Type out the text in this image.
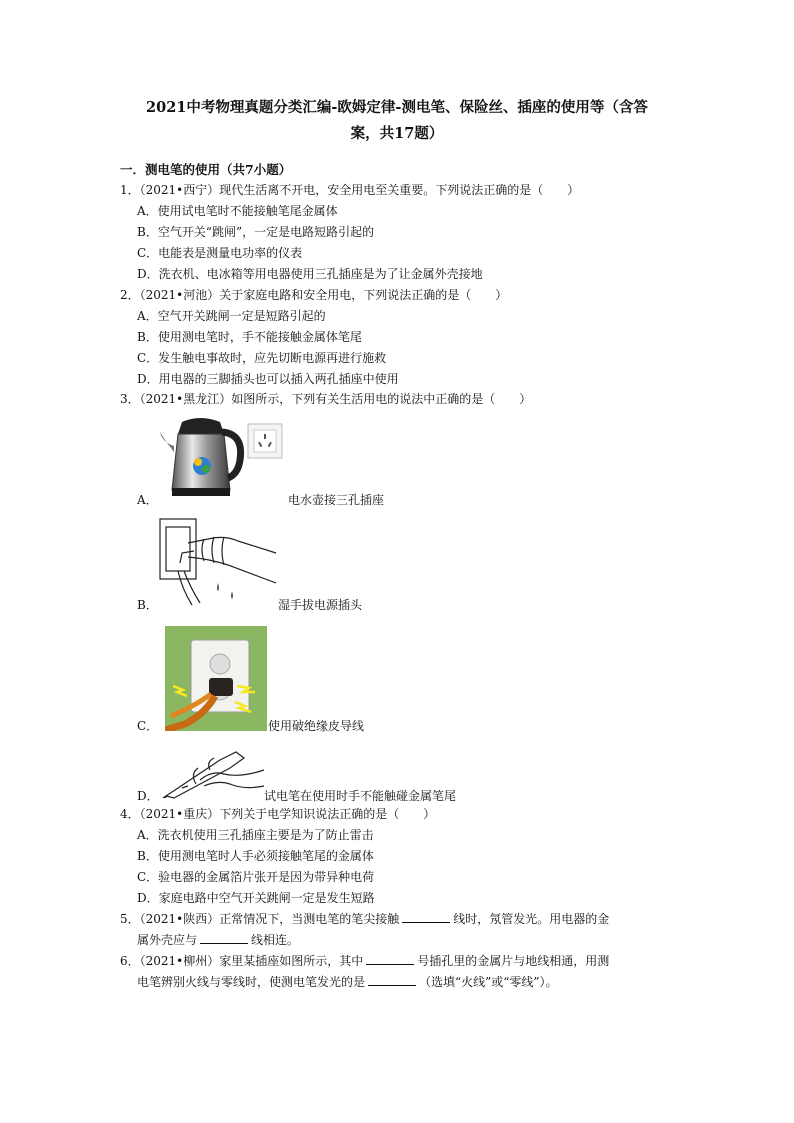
2021中考物理真题分类汇编-欧姆定律-测电笔、保险丝、插座的使用等（含答
案，共17题）
一．测电笔的使用（共7小题）
1．（2021•西宁）现代生活离不开电，安全用电至关重要。下列说法正确的是（　　）
A．使用试电笔时不能接触笔尾金属体
B．空气开关“跳闸”，一定是电路短路引起的
C．电能表是测量电功率的仪表
D．洗衣机、电冰箱等用电器使用三孔插座是为了让金属外壳接地
2．（2021•河池）关于家庭电路和安全用电，下列说法正确的是（　　）
A．空气开关跳闸一定是短路引起的
B．使用测电笔时，手不能接触金属体笔尾
C．发生触电事故时，应先切断电源再进行施救
D．用电器的三脚插头也可以插入两孔插座中使用
3．（2021•黑龙江）如图所示，下列有关生活用电的说法中正确的是（　　）
A．	电水壶接三孔插座
B．	湿手拔电源插头
C．	使用破绝缘皮导线
D．	试电笔在使用时手不能触碰金属笔尾
4．（2021•重庆）下列关于电学知识说法正确的是（　　）
A．洗衣机使用三孔插座主要是为了防止雷击
B．使用测电笔时人手必须接触笔尾的金属体
C．验电器的金属箔片张开是因为带异种电荷
D．家庭电路中空气开关跳闸一定是发生短路
5．（2021•陕西）正常情况下，当测电笔的笔尖接触	线时，氖管发光。用电器的金
属外壳应与	线相连。
6．（2021•柳州）家里某插座如图所示，其中	号插孔里的金属片与地线相通，用测
电笔辨别火线与零线时，使测电笔发光的是	（选填“火线”或“零线”）。
